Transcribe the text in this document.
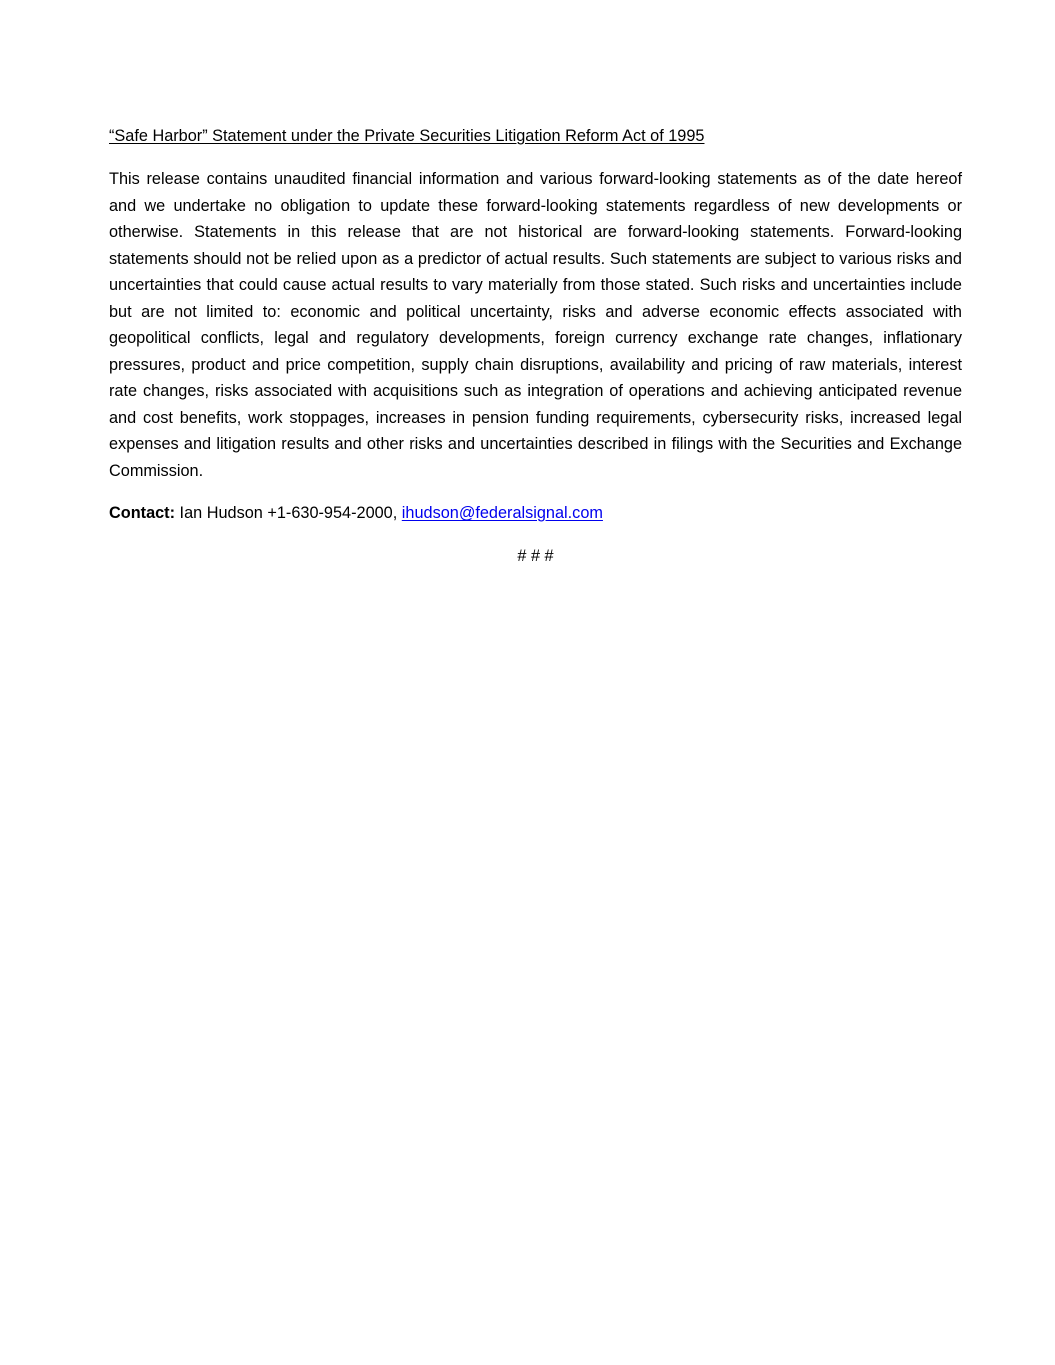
“Safe Harbor” Statement under the Private Securities Litigation Reform Act of 1995

This release contains unaudited financial information and various forward-looking statements as of the date hereof and we undertake no obligation to update these forward-looking statements regardless of new developments or otherwise. Statements in this release that are not historical are forward-looking statements. Forward-looking statements should not be relied upon as a predictor of actual results. Such statements are subject to various risks and uncertainties that could cause actual results to vary materially from those stated. Such risks and uncertainties include but are not limited to: economic and political uncertainty, risks and adverse economic effects associated with geopolitical conflicts, legal and regulatory developments, foreign currency exchange rate changes, inflationary pressures, product and price competition, supply chain disruptions, availability and pricing of raw materials, interest rate changes, risks associated with acquisitions such as integration of operations and achieving anticipated revenue and cost benefits, work stoppages, increases in pension funding requirements, cybersecurity risks, increased legal expenses and litigation results and other risks and uncertainties described in filings with the Securities and Exchange Commission.

Contact: Ian Hudson +1-630-954-2000, ihudson@federalsignal.com

# # #
